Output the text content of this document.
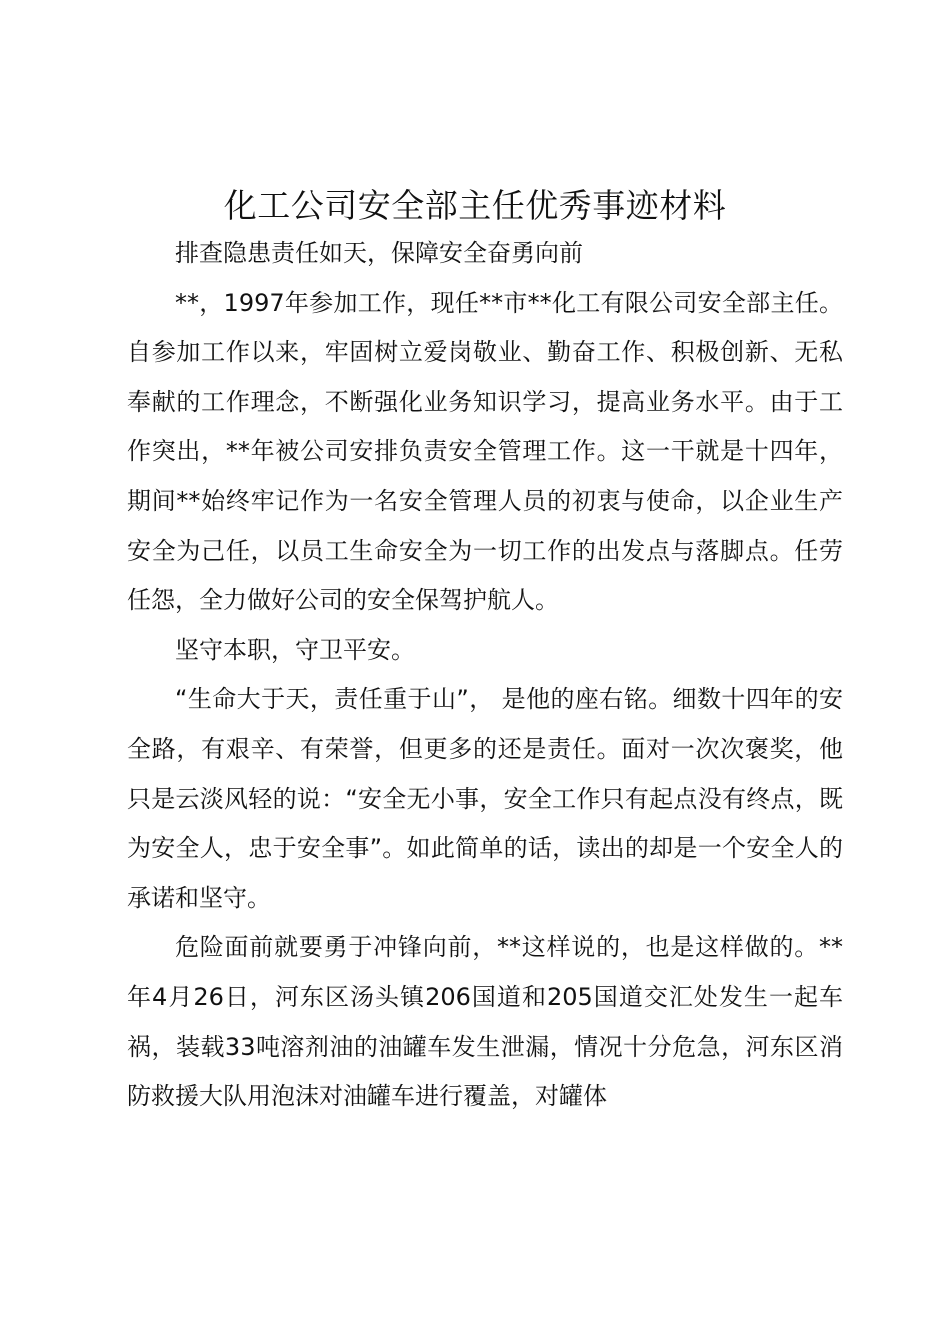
化工公司安全部主任优秀事迹材料

排查隐患责任如天，保障安全奋勇向前

**，1997年参加工作，现任**市**化工有限公司安全部主任。自参加工作以来，牢固树立爱岗敬业、勤奋工作、积极创新、无私奉献的工作理念，不断强化业务知识学习，提高业务水平。由于工作突出，**年被公司安排负责安全管理工作。这一干就是十四年，期间**始终牢记作为一名安全管理人员的初衷与使命，以企业生产安全为己任，以员工生命安全为一切工作的出发点与落脚点。任劳任怨，全力做好公司的安全保驾护航人。

坚守本职，守卫平安。

“生命大于天，责任重于山”， 是他的座右铭。细数十四年的安全路，有艰辛、有荣誉，但更多的还是责任。面对一次次褒奖，他只是云淡风轻的说：“安全无小事，安全工作只有起点没有终点，既为安全人，忠于安全事”。如此简单的话，读出的却是一个安全人的承诺和坚守。

危险面前就要勇于冲锋向前，**这样说的，也是这样做的。**年4月26日，河东区汤头镇206国道和205国道交汇处发生一起车祸，装载33吨溶剂油的油罐车发生泄漏，情况十分危急，河东区消防救援大队用泡沫对油罐车进行覆盖，对罐体
